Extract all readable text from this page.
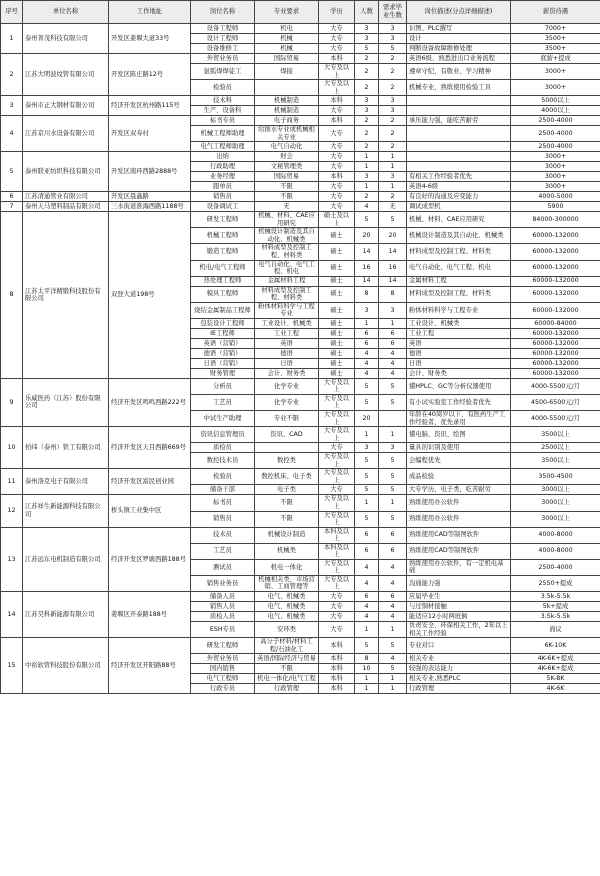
序号	单位名称	工作地址	岗位名称	专业要求	学历	人数	需求毕业生数	岗位描述(分点详细描述)	薪资待遇
1	泰州菁茂科技有限公司	开发区姜堰大道33号	设备工程师	机电	大专	3	3	识图、PLC撰写	7000+
			设计工程师	机械	大专	3	3	设计	3500+
			设备维修工	机械	大专	5	5	判断设备故障维修处理	3500+
2	江苏大明波纹管有限公司	开发区陈庄路12号	外贸业务员	国际贸易	本科	2	2	英语6级、熟悉进出口业务流程	底薪+提成
			氩弧焊焊徒工	焊接	大专及以上	2	2	遵章守纪，有敬业、学习精神	3000+
			检验员		大专及以上	2	2	机械专业，熟练使用检验工具	3000+
3	泰州市正大钢材有限公司	经济开发区杭州路115号	技术科	机械制造	本科	3	3		5000以上
			生产、设备科	机械制造	大专	3	3		4000以上
4	江苏京川水设备有限公司	开发区双寿村	标书专员	电子商务	本科	2	2	承压能力强，能吃苦耐劳	2500-4000
			机械工程师助理	给排水专业或机械相关专业	大专	2	2		2500-4000
			电气工程师助理	电气自动化	大专	2	2		2500-4000
5	泰州联亚纺织科技有限公司	开发区南环西路2888号	出纳	财会	大专	1	1		3000+
			行政助理	文秘管理类	大专	1	1		3000+
			业务经理	国际贸易	本科	3	3	有相关工作经验者优先	3000+
			跟单员	不限	大专	1	1	英语4-6级	3000+
6	江苏清通管业有限公司	开发区晨鑫路	销售员	不限	大专	2	2	有良好的沟通及应变能力	4000-5000
7	泰州天马塑料制品有限公司	三水街道淮海西路1188号	设备调试工	无	大专	4	无	调试成型机	5900
8	江苏太平洋精锻科技股份有限公司	双登大道198号	研发工程师	机械、材料、CAE应用研究	硕士及以上	5	5	机械、材料、CAE应用研究	84000-300000
			机械工程师	机械设计制造及其自动化、机械类	硕士	20	20	机械设计制造及其自动化、机械类	60000-132000
			锻造工程师	材料成型及控制工程、材料类	硕士	14	14	材料成型及控制工程、材料类	60000-132000
			机电/电气工程师	电气自动化、电气工程、机电	硕士	16	16	电气自动化、电气工程、机电	60000-132000
			热处理工程师	金属材料工程	硕士	14	14	金属材料工程	60000-132000
			模具工程师	材料成型及控制工程、材料类	硕士	8	8	材料成型及控制工程、材料类	60000-132000
			烧结金属制品工程师	粉体材料科学与工程专业	硕士	3	3	粉体材料科学与工程专业	60000-132000
			包装设计工程师	工业设计、机械类	硕士	1	1	工业设计、机械类	60000-84000
			IE工程师	工业工程	硕士	6	6	工业工程	60000-132000
			英语（营销）	英语	硕士	6	6	英语	60000-132000
			德语（营销）	德语	硕士	4	4	德语	60000-132000
			日语（营销）	日语	硕士	4	4	日语	60000-132000
			财务管理	会计、财务类	硕士	4	4	会计、财务类	60000-132000
9	乐威医药（江苏）股份有限公司	经济开发区鸣鸣西路222号	分析员	化学专业	大专及以上	5	5	懂HPLC、GC等分析仪器使用	4000-5500元/月
			工艺员	化学专业	大专及以上	5	5	有小试实验室工作经验者优先	4500-6500元/月
			中试生产助理	专业不限	大专及以上	20		年龄在40周岁以下，有医药生产工作经验者，优先录用	4000-5500元/月
10	柏纬（泰州）铁工有限公司	经济开发区天目西路669号	资讯信息管理员	资讯、CAD	大专及以上	1	1	懂电脑、资讯、绘图	3500以上
			质检员		大专	3	3	量具的识别及使用	2500以上
			数控技术员	数控类	大专及以上	5	5	会编程优先	3500以上
11	泰州洛克电子有限公司	经济开发区富民创业园	检验员	数控机床、电子类	大专及以上	5	5	成品检验	3500-4500
			储备干部	电子类	大专	5	5	大专学历，电子类，吃苦耐劳	3000以上
12	江苏祥生新能源科技有限公司	桥头镇工业集中区	标书员	不限	大专及以上	1	1	熟练使用办公软件	3000以上
			销售员	不限	大专及以上	5	5	熟练使用办公软件	3000以上
13	江苏远东电机制造有限公司	经济开发区罗塘西路188号	技术员	机械设计制造	本科及以上	6	6	熟练使用CAD等制图软件	4000-8000
			工艺员	机械类	本科及以上	6	6	熟练使用CAD等制图软件	4000-8000
			测试员	机电一体化	大专及以上	4	4	熟练使用办公软件，有一定机电基础	2500-4000
			销售业务员	机械相关类、市场营销、工商管理等	大专及以上	4	4	沟通能力强	2550+提成
14	江苏昊科新能源有限公司	姜堰区开泰路188号	储备人员	电气、机械类	大专	6	6	应届毕业生	3.5k-5.5k
			销售人员	电气、机械类	大专	4	4	与过铜材接触	5k+提成
			质检人员	电气、机械类	大专	4	4	能适应12小时两班倒	3.5k-5.5k
			ESH专员	安环类	大专	1	1	负责安全、环保相关工作，2年以上相关工作经验	面议
15	中裕软管科技股份有限公司	经济开发区开阳路88号	研发工程师	高分子材料/材料工程/石油化工	本科	5	5	专业对口	6K-10K
			外贸业务员	英语/国际经济与贸易	本科	8	4	相关专业	4K-6K+提成
			国内销售	不限	本科	10	5	较强的表达能力	4K-6K+提成
			电气工程师	机电一体化/电气工程	本科	1	1	相关专业,熟悉PLC	5K-8K
			行政专员	行政管理	本科	1	1	行政管理	4K-6K
